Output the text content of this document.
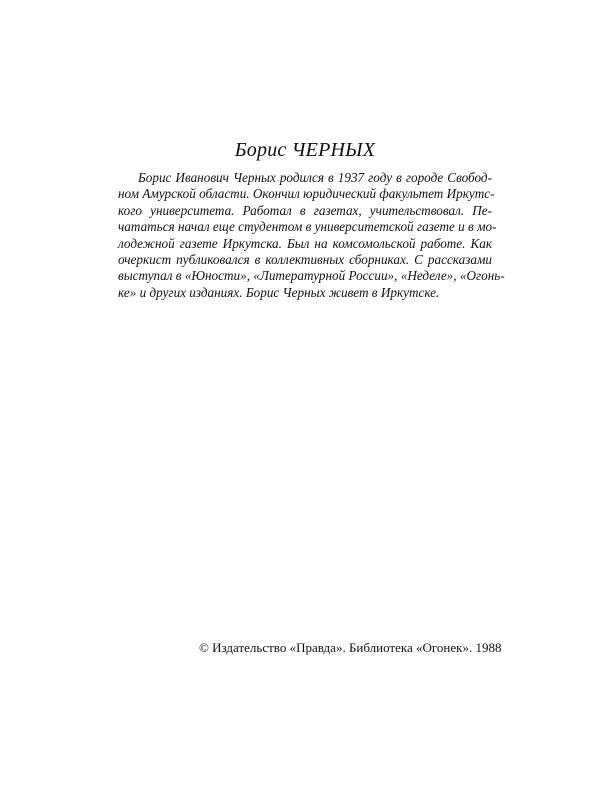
Борис ЧЕРНЫХ
Борис Иванович Черных родился в 1937 году в городе Свобод-
ном Амурской области. Окончил юридический факультет Иркутс-
кого университета. Работал в газетах, учительствовал. Пе-
чататься начал еще студентом в университетской газете и в мо-
лодежной газете Иркутска. Был на комсомольской работе. Как
очеркист публиковался в коллективных сборниках. С рассказами
выступал в «Юности», «Литературной России», «Неделе», «Огонь-
ке» и других изданиях. Борис Черных живет в Иркутске.
© Издательство «Правда». Библиотека «Огонек». 1988
